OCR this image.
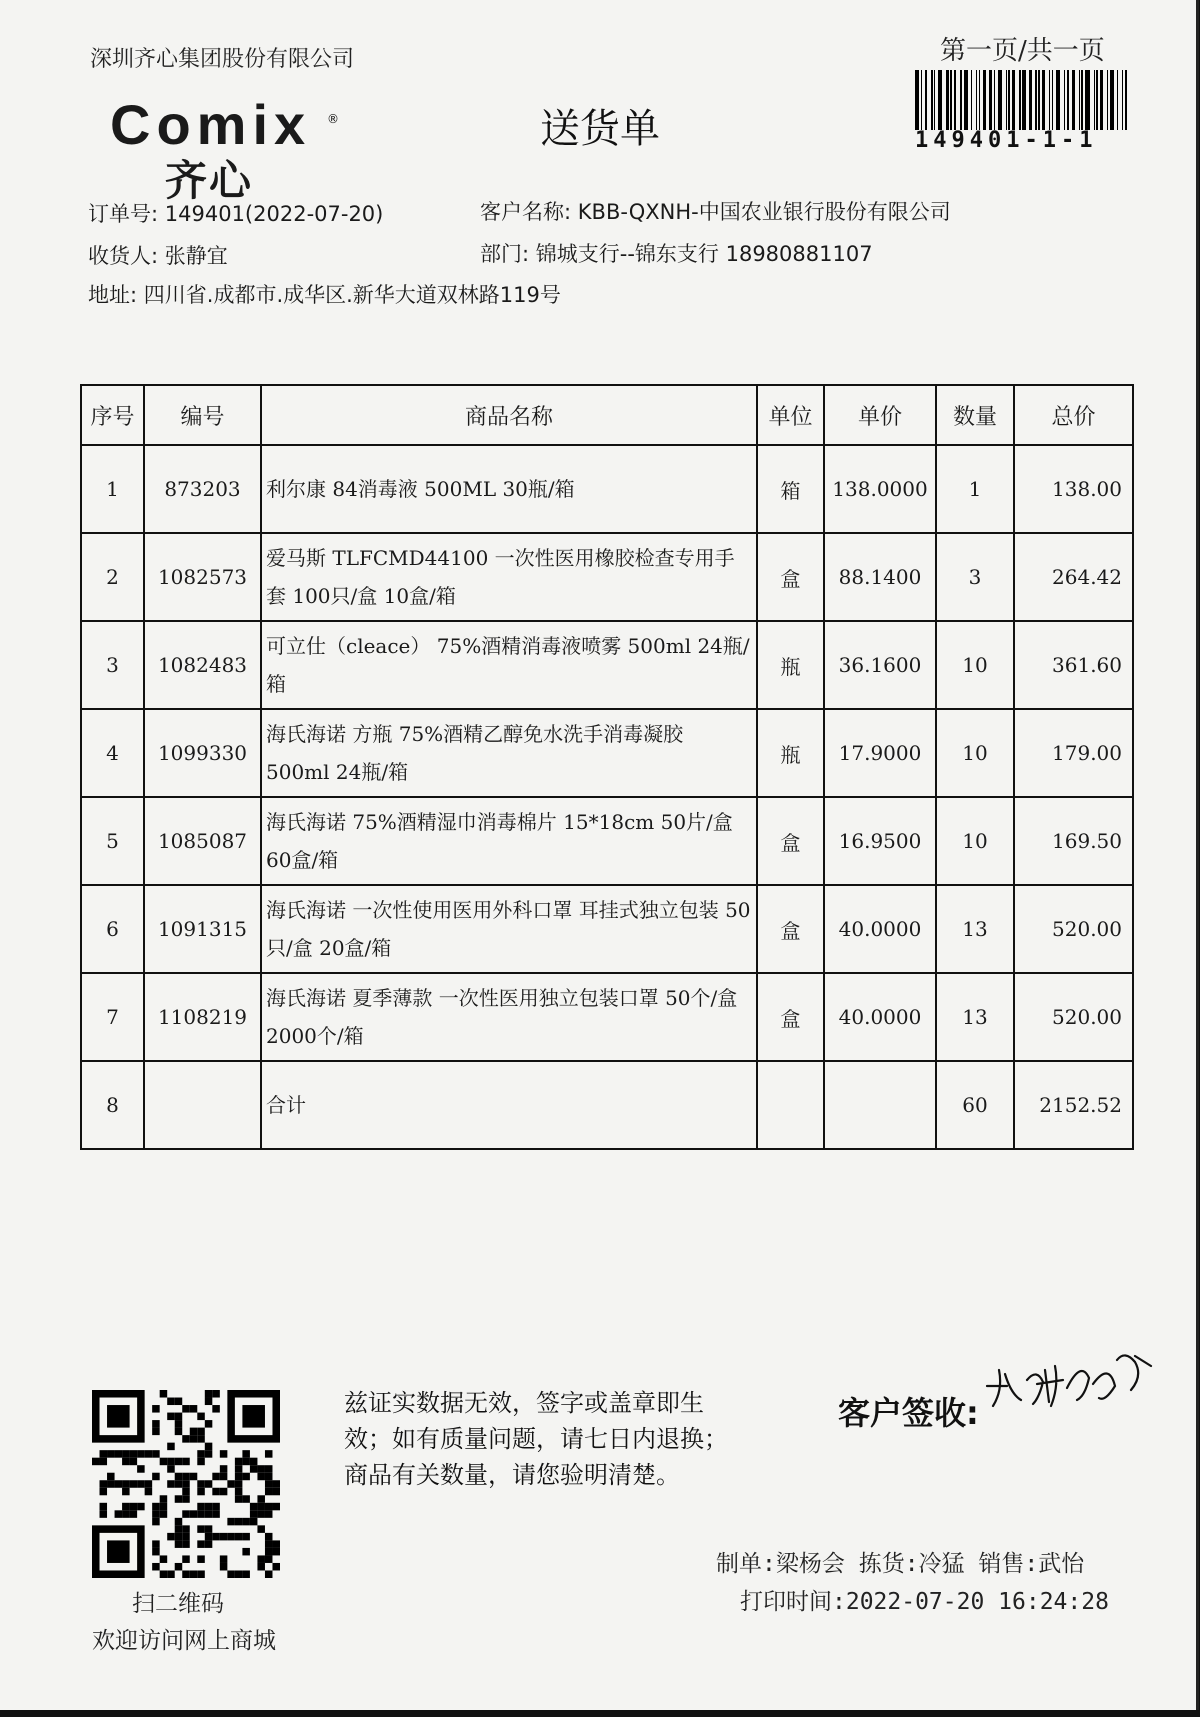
深圳齐心集团股份有限公司	第一页/共一页
149401-1-1
Comix ®
齐心
送货单
订单号: 149401(2022-07-20)	客户名称: KBB-QXNH-中国农业银行股份有限公司
收货人: 张静宜	部门: 锦城支行--锦东支行 18980881107
地址: 四川省.成都市.成华区.新华大道双林路119号
序号	编号	商品名称	单位	单价	数量	总价
1	873203	利尔康 84消毒液 500ML 30瓶/箱	箱	138.0000	1	138.00
2	1082573	爱马斯 TLFCMD44100 一次性医用橡胶检查专用手套 100只/盒 10盒/箱	盒	88.1400	3	264.42
3	1082483	可立仕（cleace） 75%酒精消毒液喷雾 500ml 24瓶/箱	瓶	36.1600	10	361.60
4	1099330	海氏海诺 方瓶 75%酒精乙醇免水洗手消毒凝胶 500ml 24瓶/箱	瓶	17.9000	10	179.00
5	1085087	海氏海诺 75%酒精湿巾消毒棉片 15*18cm 50片/盒 60盒/箱	盒	16.9500	10	169.50
6	1091315	海氏海诺 一次性使用医用外科口罩 耳挂式独立包装 50只/盒 20盒/箱	盒	40.0000	13	520.00
7	1108219	海氏海诺 夏季薄款 一次性医用独立包装口罩 50个/盒 2000个/箱	盒	40.0000	13	520.00
8		合计			60	2152.52
扫二维码
欢迎访问网上商城
兹证实数据无效，签字或盖章即生
效；如有质量问题，请七日内退换；
商品有关数量，请您验明清楚。
客户签收:
制单:梁杨会 拣货:冷猛 销售:武怡
打印时间:2022-07-20 16:24:28
